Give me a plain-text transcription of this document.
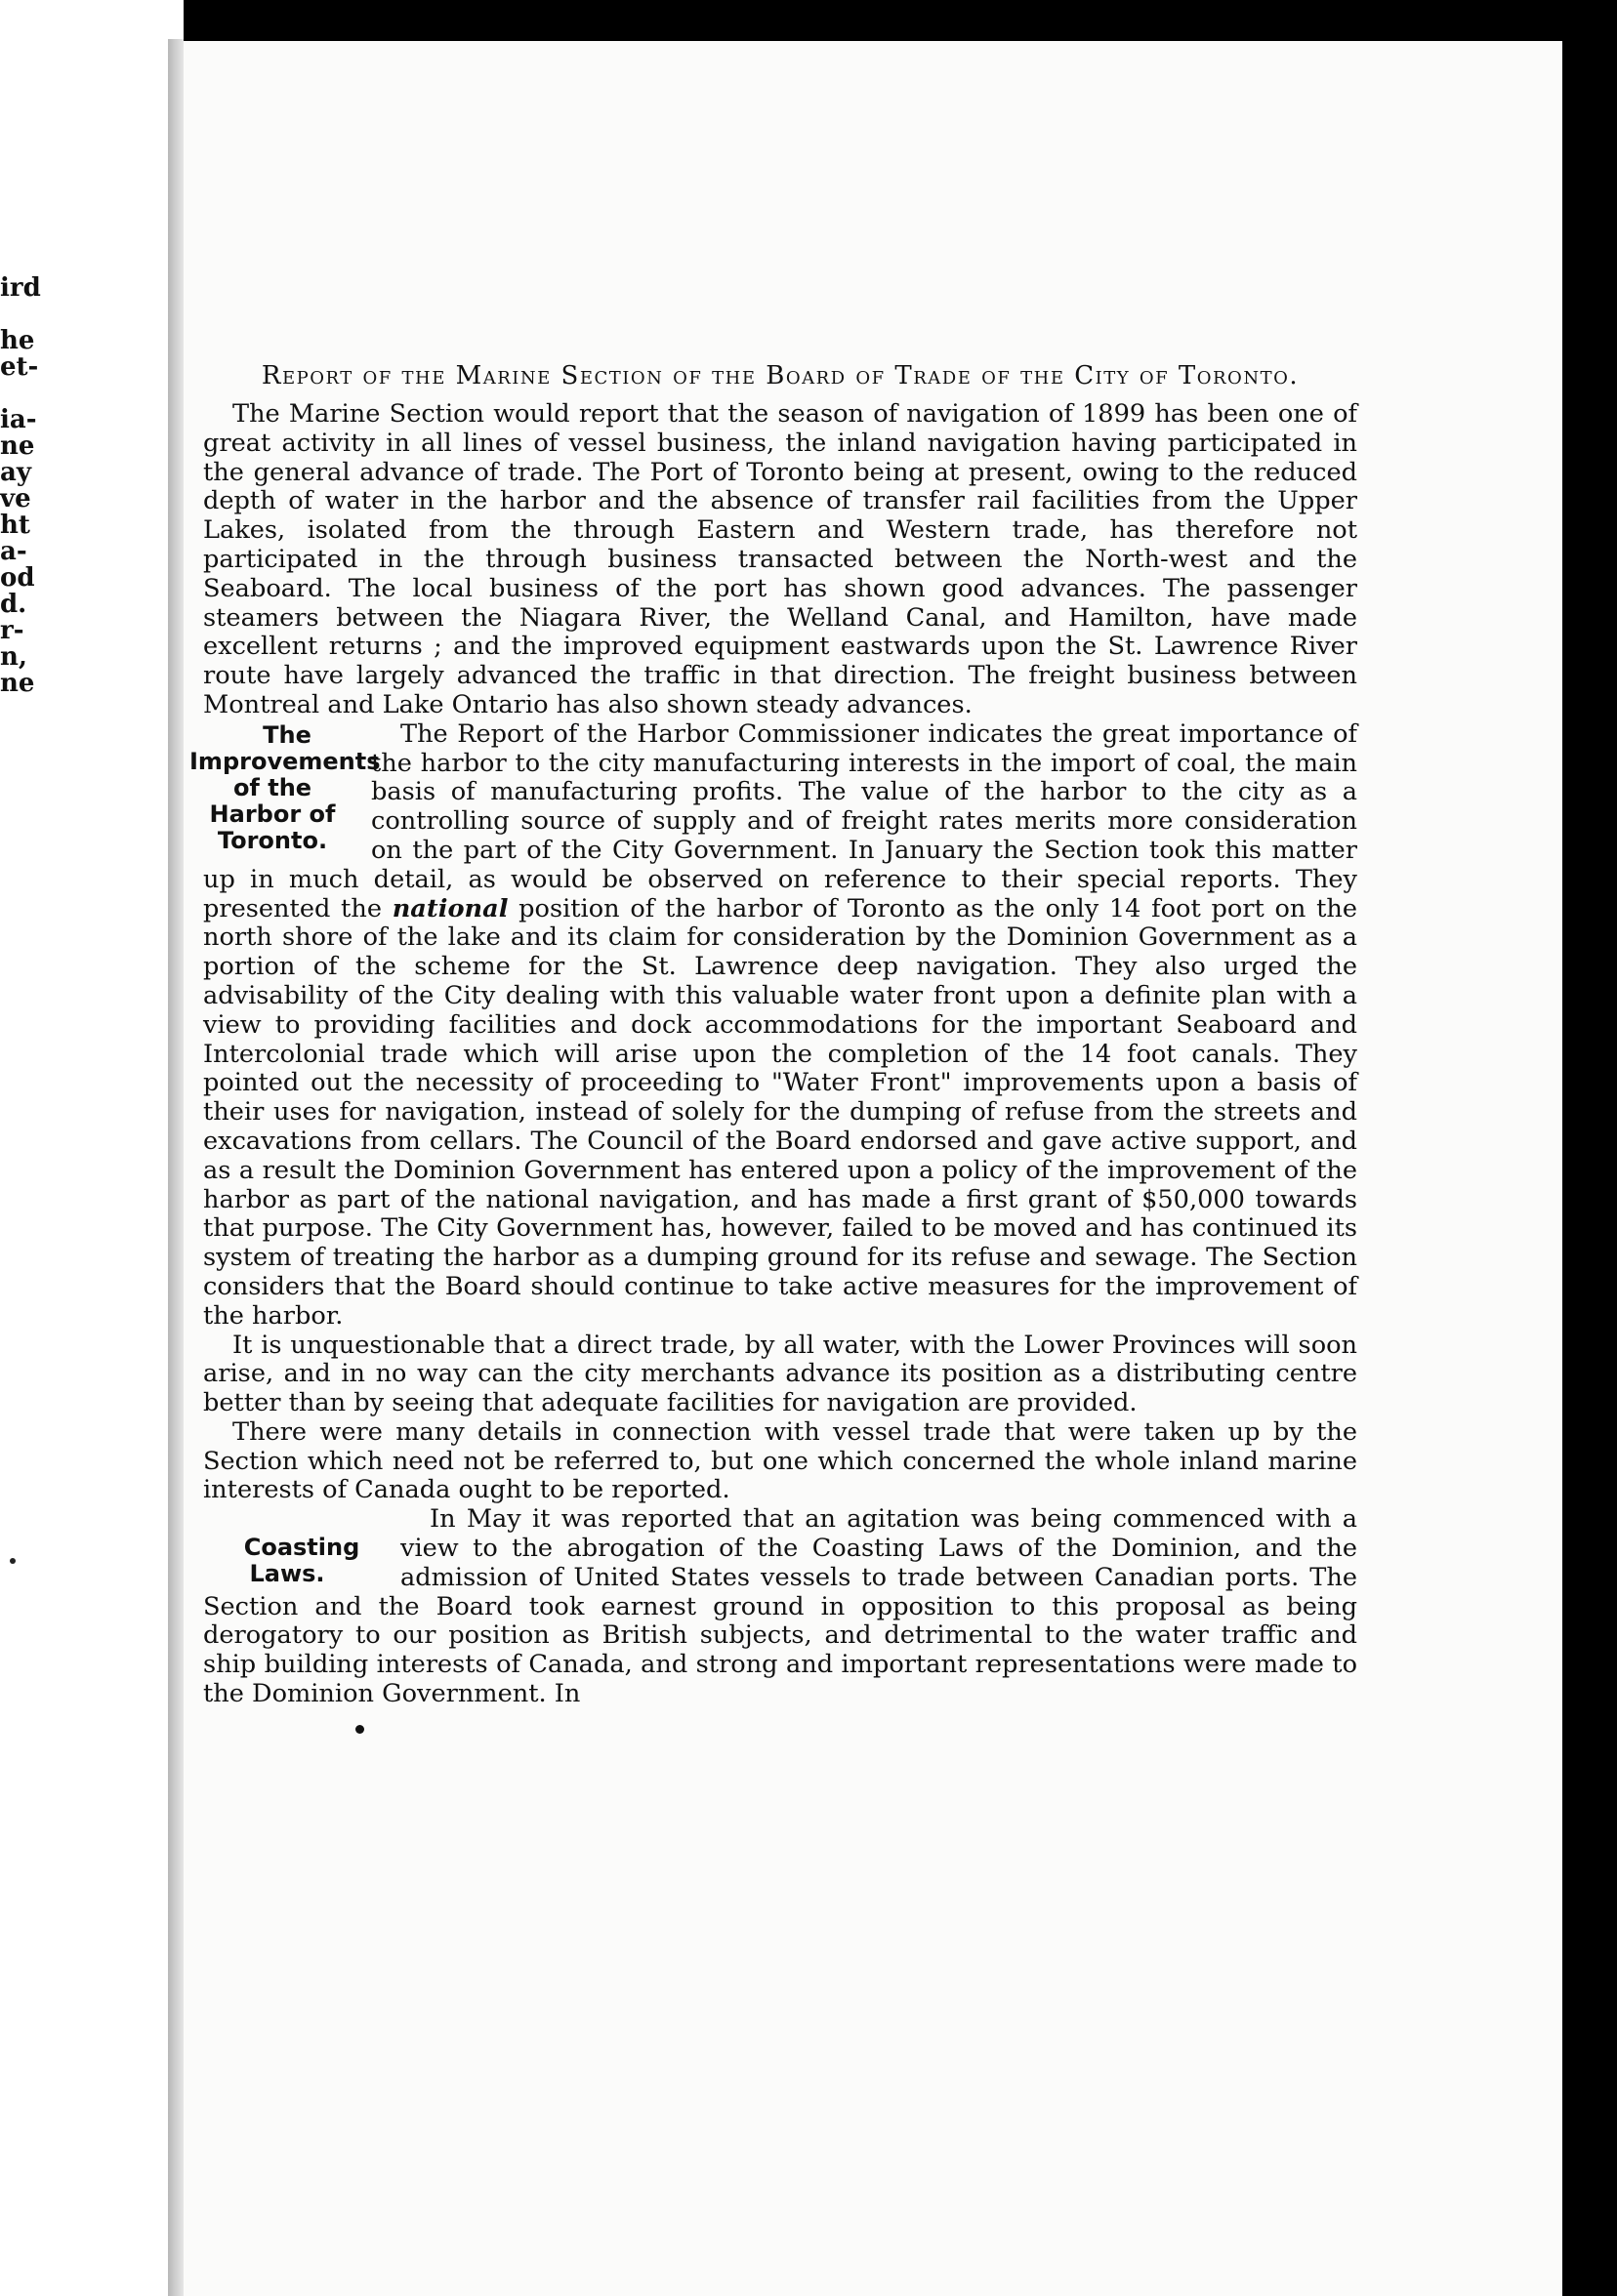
ird
he
et-
ia-
ne
ay
ve
ht
a-
od
d.
r-
n,
ne
Report of the Marine Section of the Board of Trade of the City of Toronto.

The Marine Section would report that the season of navigation of 1899 has been one of great activity in all lines of vessel business, the inland navigation having participated in the general advance of trade. The Port of Toronto being at present, owing to the reduced depth of water in the harbor and the absence of transfer rail facilities from the Upper Lakes, isolated from the through Eastern and Western trade, has therefore not participated in the through business transacted between the North-west and the Seaboard. The local business of the port has shown good advances. The passenger steamers between the Niagara River, the Welland Canal, and Hamilton, have made excellent returns ; and the improved equipment eastwards upon the St. Lawrence River route have largely advanced the traffic in that direction. The freight business between Montreal and Lake Ontario has also shown steady advances.

The Improvements of the Harbor of Toronto.
The Report of the Harbor Commissioner indicates the great importance of the harbor to the city manufacturing interests in the import of coal, the main basis of manufacturing profits. The value of the harbor to the city as a controlling source of supply and of freight rates merits more consideration on the part of the City Government. In January the Section took this matter up in much detail, as would be observed on reference to their special reports. They presented the national position of the harbor of Toronto as the only 14 foot port on the north shore of the lake and its claim for consideration by the Dominion Government as a portion of the scheme for the St. Lawrence deep navigation. They also urged the advisability of the City dealing with this valuable water front upon a definite plan with a view to providing facilities and dock accommodations for the important Seaboard and Intercolonial trade which will arise upon the completion of the 14 foot canals. They pointed out the necessity of proceeding to "Water Front" improvements upon a basis of their uses for navigation, instead of solely for the dumping of refuse from the streets and excavations from cellars. The Council of the Board endorsed and gave active support, and as a result the Dominion Government has entered upon a policy of the improvement of the harbor as part of the national navigation, and has made a first grant of $50,000 towards that purpose. The City Government has, however, failed to be moved and has continued its system of treating the harbor as a dumping ground for its refuse and sewage. The Section considers that the Board should continue to take active measures for the improvement of the harbor.

It is unquestionable that a direct trade, by all water, with the Lower Provinces will soon arise, and in no way can the city merchants advance its position as a distributing centre better than by seeing that adequate facilities for navigation are provided.

There were many details in connection with vessel trade that were taken up by the Section which need not be referred to, but one which concerned the whole inland marine interests of Canada ought to be reported.

Coasting Laws.
In May it was reported that an agitation was being commenced with a view to the abrogation of the Coasting Laws of the Dominion, and the admission of United States vessels to trade between Canadian ports. The Section and the Board took earnest ground in opposition to this proposal as being derogatory to our position as British subjects, and detrimental to the water traffic and ship building interests of Canada, and strong and important representations were made to the Dominion Government. In
